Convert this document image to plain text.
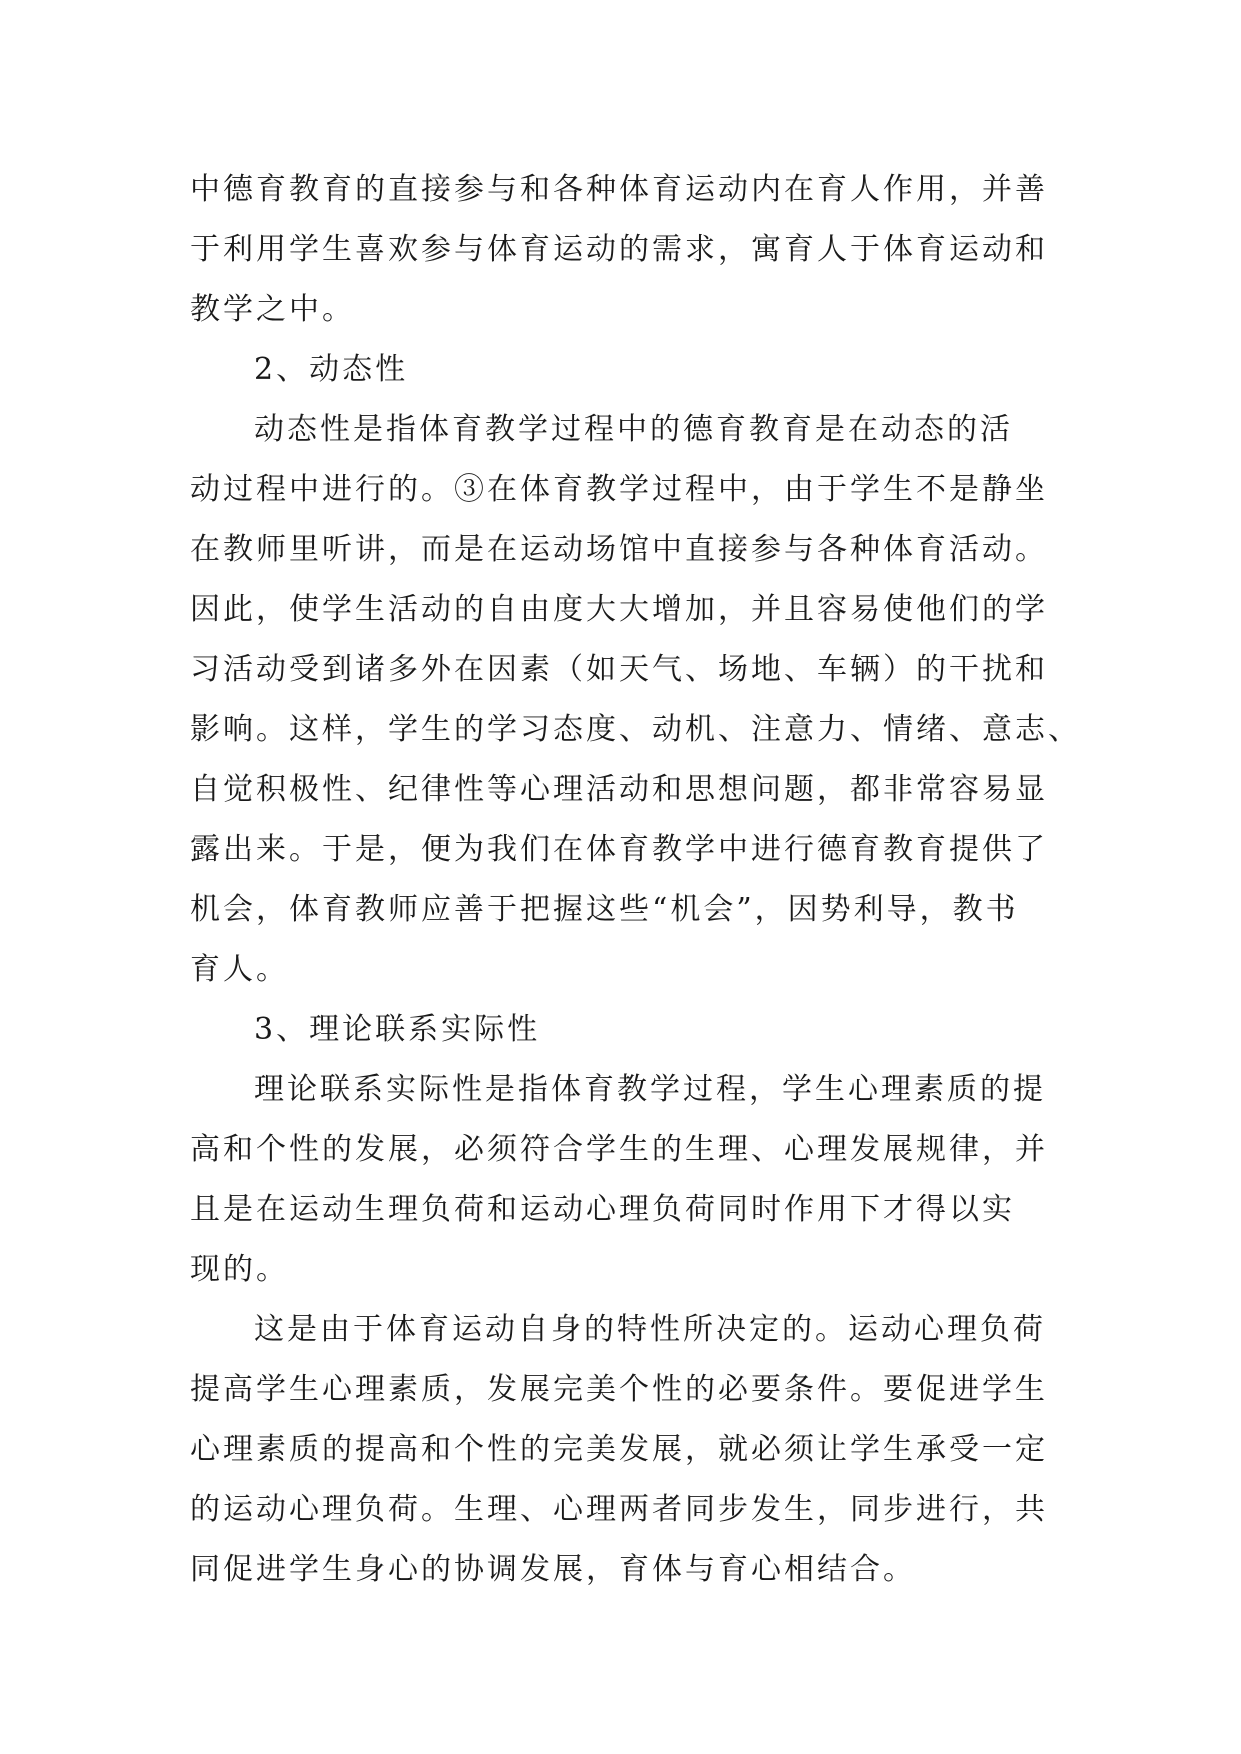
中德育教育的直接参与和各种体育运动内在育人作用，并善
于利用学生喜欢参与体育运动的需求，寓育人于体育运动和
教学之中。
2、动态性
动态性是指体育教学过程中的德育教育是在动态的活
动过程中进行的。③在体育教学过程中，由于学生不是静坐
在教师里听讲，而是在运动场馆中直接参与各种体育活动。
因此，使学生活动的自由度大大增加，并且容易使他们的学
习活动受到诸多外在因素（如天气、场地、车辆）的干扰和
影响。这样，学生的学习态度、动机、注意力、情绪、意志、
自觉积极性、纪律性等心理活动和思想问题，都非常容易显
露出来。于是，便为我们在体育教学中进行德育教育提供了
机会，体育教师应善于把握这些“机会”，因势利导，教书
育人。
3、理论联系实际性
理论联系实际性是指体育教学过程，学生心理素质的提
高和个性的发展，必须符合学生的生理、心理发展规律，并
且是在运动生理负荷和运动心理负荷同时作用下才得以实
现的。
这是由于体育运动自身的特性所决定的。运动心理负荷
提高学生心理素质，发展完美个性的必要条件。要促进学生
心理素质的提高和个性的完美发展，就必须让学生承受一定
的运动心理负荷。生理、心理两者同步发生，同步进行，共
同促进学生身心的协调发展，育体与育心相结合。
